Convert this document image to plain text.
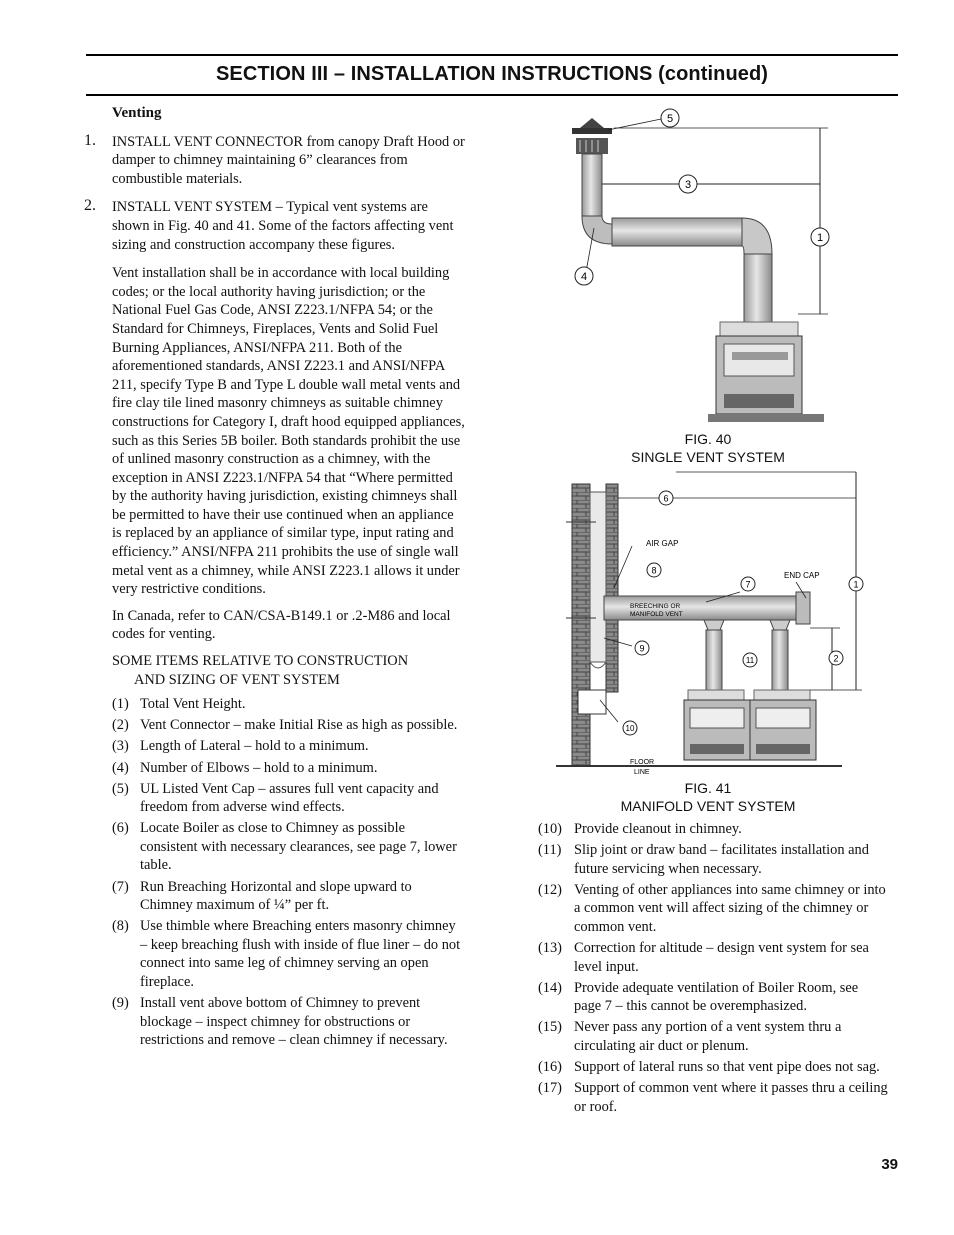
SECTION III – INSTALLATION INSTRUCTIONS (continued)
Venting
1. INSTALL VENT CONNECTOR from canopy Draft Hood or damper to chimney maintaining 6” clearances from combustible materials.
2. INSTALL VENT SYSTEM – Typical vent systems are shown in Fig. 40 and 41. Some of the factors affecting vent sizing and construction accompany these figures.

Vent installation shall be in accordance with local building codes; or the local authority having jurisdiction; or the National Fuel Gas Code, ANSI Z223.1/NFPA 54; or the Standard for Chimneys, Fireplaces, Vents and Solid Fuel Burning Appliances, ANSI/NFPA 211. Both of the aforementioned standards, ANSI Z223.1 and ANSI/NFPA 211, specify Type B and Type L double wall metal vents and fire clay tile lined masonry chimneys as suitable chimney constructions for Category I, draft hood equipped appliances, such as this Series 5B boiler. Both standards prohibit the use of unlined masonry construction as a chimney, with the exception in ANSI Z223.1/NFPA 54 that “Where permitted by the authority having jurisdiction, existing chimneys shall be permitted to have their use continued when an appliance is replaced by an appliance of similar type, input rating and efficiency.” ANSI/NFPA 211 prohibits the use of single wall metal vent as a chimney, while ANSI Z223.1 allows it under very restrictive conditions.

In Canada, refer to CAN/CSA-B149.1 or .2-M86 and local codes for venting.

SOME ITEMS RELATIVE TO CONSTRUCTION
AND SIZING OF VENT SYSTEM
(1) Total Vent Height.
(2) Vent Connector – make Initial Rise as high as possible.
(3) Length of Lateral – hold to a minimum.
(4) Number of Elbows – hold to a minimum.
(5) UL Listed Vent Cap – assures full vent capacity and freedom from adverse wind effects.
(6) Locate Boiler as close to Chimney as possible consistent with necessary clearances, see page 7, lower table.
(7) Run Breaching Horizontal and slope upward to Chimney maximum of ¼” per ft.
(8) Use thimble where Breaching enters masonry chimney – keep breaching flush with inside of flue liner – do not connect into same leg of chimney serving an open fireplace.
(9) Install vent above bottom of Chimney to prevent blockage – inspect chimney for obstructions or restrictions and remove – clean chimney if necessary.
5
3
1
4
FIG. 40
SINGLE VENT SYSTEM
AIR GAP
END CAP
BREECHING OR
MANIFOLD VENT
FLOOR
LINE
6
8
7	1
9
11	2
10
FIG. 41
MANIFOLD VENT SYSTEM
(10) Provide cleanout in chimney.
(11) Slip joint or draw band – facilitates installation and future servicing when necessary.
(12) Venting of other appliances into same chimney or into a common vent will affect sizing of the chimney or common vent.
(13) Correction for altitude – design vent system for sea level input.
(14) Provide adequate ventilation of Boiler Room, see page 7 – this cannot be overemphasized.
(15) Never pass any portion of a vent system thru a circulating air duct or plenum.
(16) Support of lateral runs so that vent pipe does not sag.
(17) Support of common vent where it passes thru a ceiling or roof.
39
